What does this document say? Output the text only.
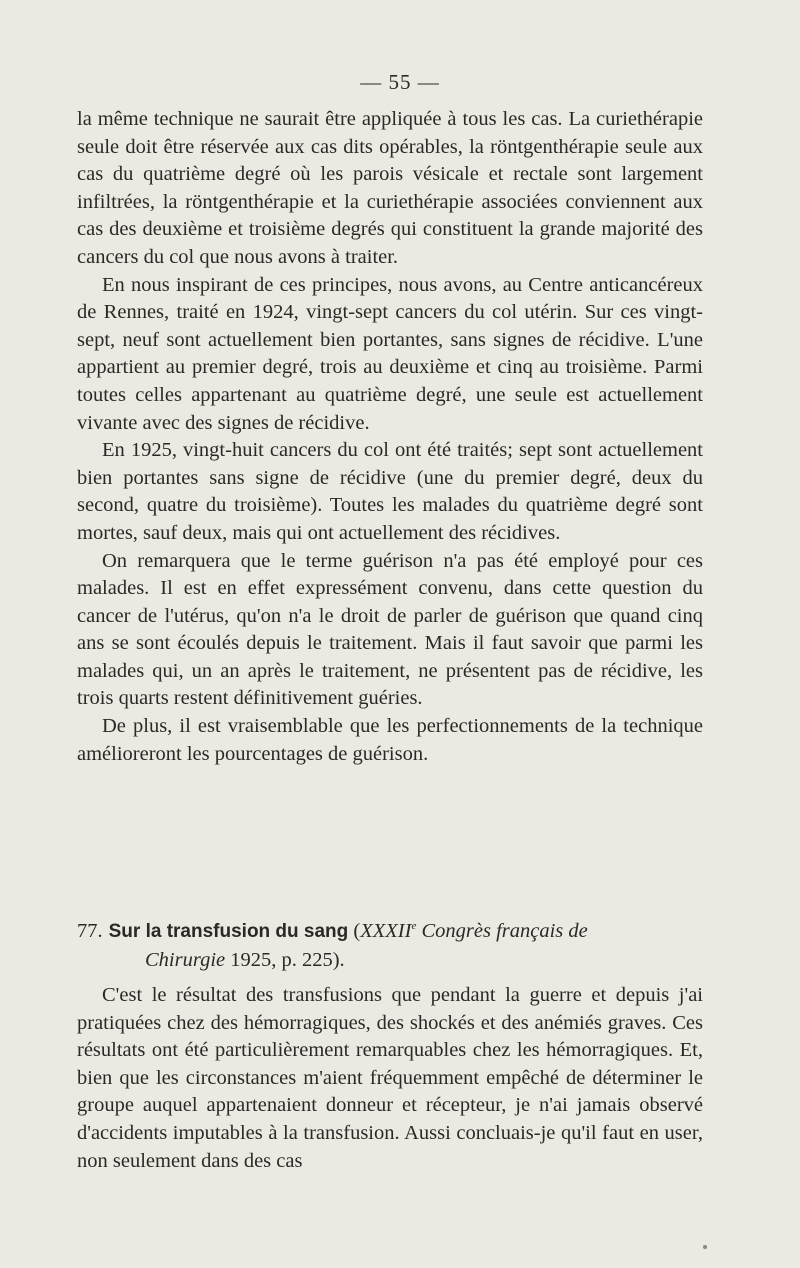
— 55 —

la même technique ne saurait être appliquée à tous les cas. La curiethérapie seule doit être réservée aux cas dits opérables, la röntgenthérapie seule aux cas du quatrième degré où les parois vésicale et rectale sont largement infiltrées, la röntgenthérapie et la curiethérapie associées conviennent aux cas des deuxième et troisième degrés qui constituent la grande majorité des cancers du col que nous avons à traiter.

En nous inspirant de ces principes, nous avons, au Centre anticancéreux de Rennes, traité en 1924, vingt-sept cancers du col utérin. Sur ces vingt-sept, neuf sont actuellement bien portantes, sans signes de récidive. L'une appartient au premier degré, trois au deuxième et cinq au troisième. Parmi toutes celles appartenant au quatrième degré, une seule est actuellement vivante avec des signes de récidive.

En 1925, vingt-huit cancers du col ont été traités; sept sont actuellement bien portantes sans signe de récidive (une du premier degré, deux du second, quatre du troisième). Toutes les malades du quatrième degré sont mortes, sauf deux, mais qui ont actuellement des récidives.

On remarquera que le terme guérison n'a pas été employé pour ces malades. Il est en effet expressément convenu, dans cette question du cancer de l'utérus, qu'on n'a le droit de parler de guérison que quand cinq ans se sont écoulés depuis le traitement. Mais il faut savoir que parmi les malades qui, un an après le traitement, ne présentent pas de récidive, les trois quarts restent définitivement guéries.

De plus, il est vraisemblable que les perfectionnements de la technique amélioreront les pourcentages de guérison.

77. Sur la transfusion du sang (XXXIIe Congrès français de
Chirurgie 1925, p. 225).

C'est le résultat des transfusions que pendant la guerre et depuis j'ai pratiquées chez des hémorragiques, des shockés et des anémiés graves. Ces résultats ont été particulièrement remarquables chez les hémorragiques. Et, bien que les circonstances m'aient fréquemment empêché de déterminer le groupe auquel appartenaient donneur et récepteur, je n'ai jamais observé d'accidents imputables à la transfusion. Aussi concluais-je qu'il faut en user, non seulement dans des cas
